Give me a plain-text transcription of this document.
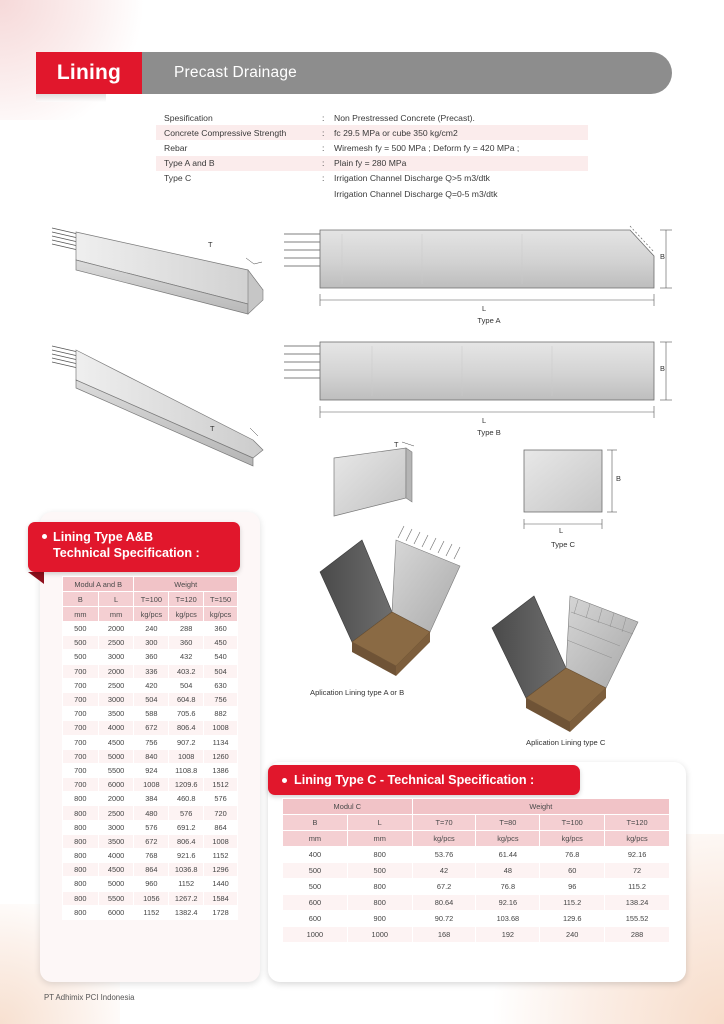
Precast Drainage
Lining
Spesification	:	Non Prestressed Concrete (Precast).
Concrete Compressive Strength	:	fc 29.5 MPa or cube 350 kg/cm2
Rebar	:	Wiremesh fy = 500 MPa ; Deform fy = 420 MPa ;
Type A and B	:	Plain fy = 280 MPa
Type C	:	Irrigation Channel Discharge Q>5 m3/dtk
Irrigation Channel Discharge Q=0-5 m3/dtk
T
L
B
Type A
T
L
B
Type B
T
B
L
Type C
Aplication Lining type A or B
Aplication Lining type C
Lining Type A&B
Technical Specification :
Modul A and B		Weight		
B	L	T=100	T=120	T=150
mm	mm	kg/pcs	kg/pcs	kg/pcs
500	2000	240	288	360
500	2500	300	360	450
500	3000	360	432	540
700	2000	336	403.2	504
700	2500	420	504	630
700	3000	504	604.8	756
700	3500	588	705.6	882
700	4000	672	806.4	1008
700	4500	756	907.2	1134
700	5000	840	1008	1260
700	5500	924	1108.8	1386
700	6000	1008	1209.6	1512
800	2000	384	460.8	576
800	2500	480	576	720
800	3000	576	691.2	864
800	3500	672	806.4	1008
800	4000	768	921.6	1152
800	4500	864	1036.8	1296
800	5000	960	1152	1440
800	5500	1056	1267.2	1584
800	6000	1152	1382.4	1728
Lining Type C - Technical Specification :
Modul C		Weight			
B	L	T=70	T=80	T=100	T=120
mm	mm	kg/pcs	kg/pcs	kg/pcs	kg/pcs
400	800	53.76	61.44	76.8	92.16
500	500	42	48	60	72
500	800	67.2	76.8	96	115.2
600	800	80.64	92.16	115.2	138.24
600	900	90.72	103.68	129.6	155.52
1000	1000	168	192	240	288
PT Adhimix PCI Indonesia
